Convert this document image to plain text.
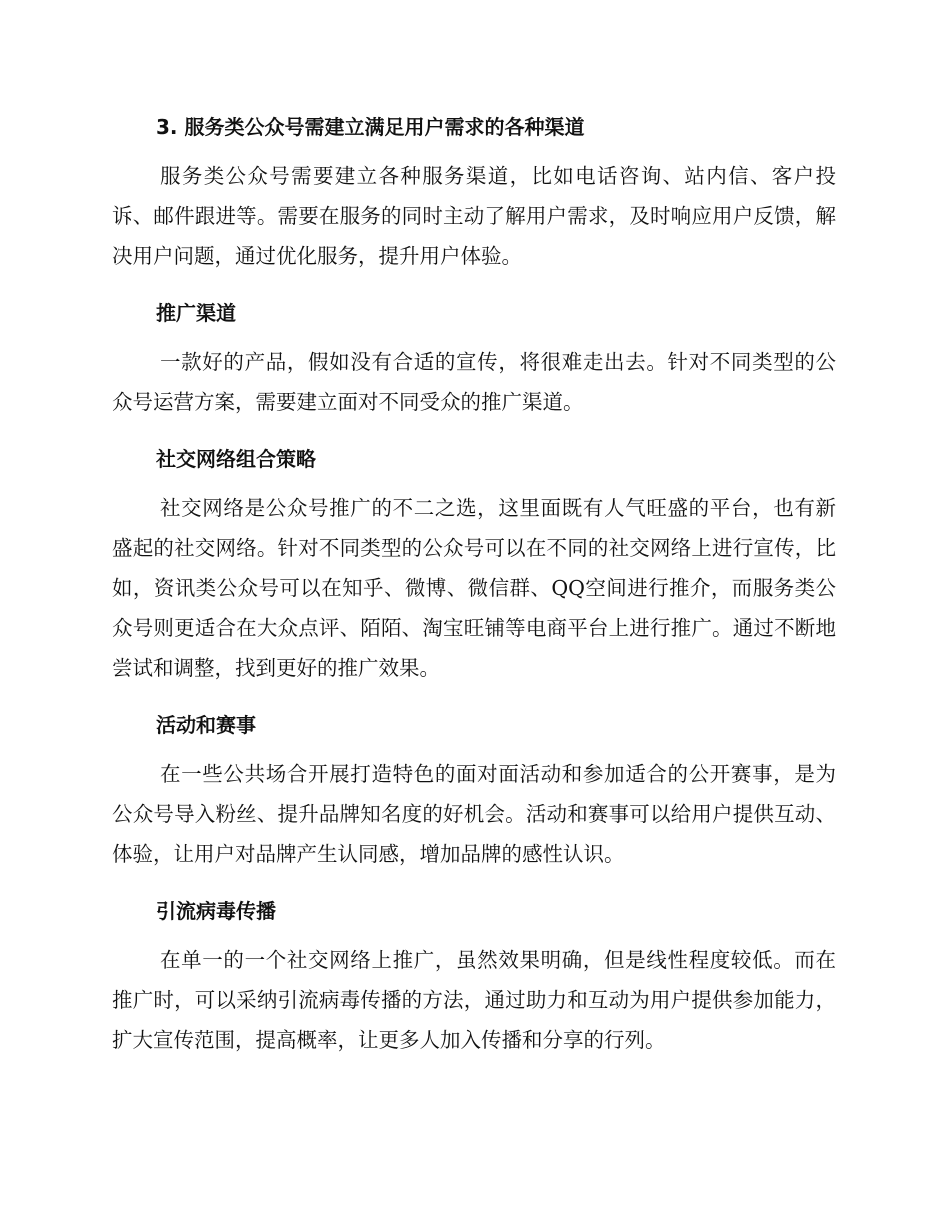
3. 服务类公众号需建立满足用户需求的各种渠道

服务类公众号需要建立各种服务渠道，比如电话咨询、站内信、客户投诉、邮件跟进等。需要在服务的同时主动了解用户需求，及时响应用户反馈，解决用户问题，通过优化服务，提升用户体验。

推广渠道

一款好的产品，假如没有合适的宣传，将很难走出去。针对不同类型的公众号运营方案，需要建立面对不同受众的推广渠道。

社交网络组合策略

社交网络是公众号推广的不二之选，这里面既有人气旺盛的平台，也有新盛起的社交网络。针对不同类型的公众号可以在不同的社交网络上进行宣传，比如，资讯类公众号可以在知乎、微博、微信群、QQ空间进行推介，而服务类公众号则更适合在大众点评、陌陌、淘宝旺铺等电商平台上进行推广。通过不断地尝试和调整，找到更好的推广效果。

活动和赛事

在一些公共场合开展打造特色的面对面活动和参加适合的公开赛事，是为公众号导入粉丝、提升品牌知名度的好机会。活动和赛事可以给用户提供互动、体验，让用户对品牌产生认同感，增加品牌的感性认识。

引流病毒传播

在单一的一个社交网络上推广，虽然效果明确，但是线性程度较低。而在推广时，可以采纳引流病毒传播的方法，通过助力和互动为用户提供参加能力，扩大宣传范围，提高概率，让更多人加入传播和分享的行列。
